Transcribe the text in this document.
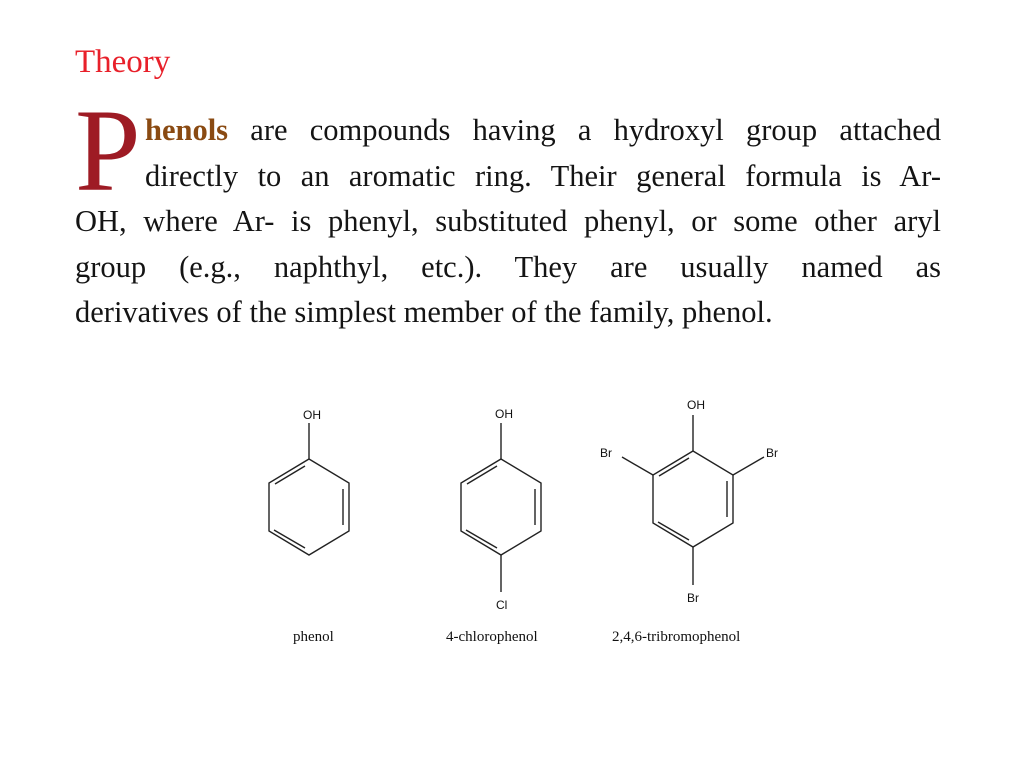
Theory
P henols are compounds having a hydroxyl group attached
directly to an aromatic ring. Their general formula is Ar-
OH, where Ar- is phenyl, substituted phenyl, or some other aryl
group (e.g., naphthyl, etc.). They are usually named as
derivatives of the simplest member of the family, phenol.
OH
phenol
OH
Cl
4-chlorophenol
OH
Br	Br
Br
2,4,6-tribromophenol
